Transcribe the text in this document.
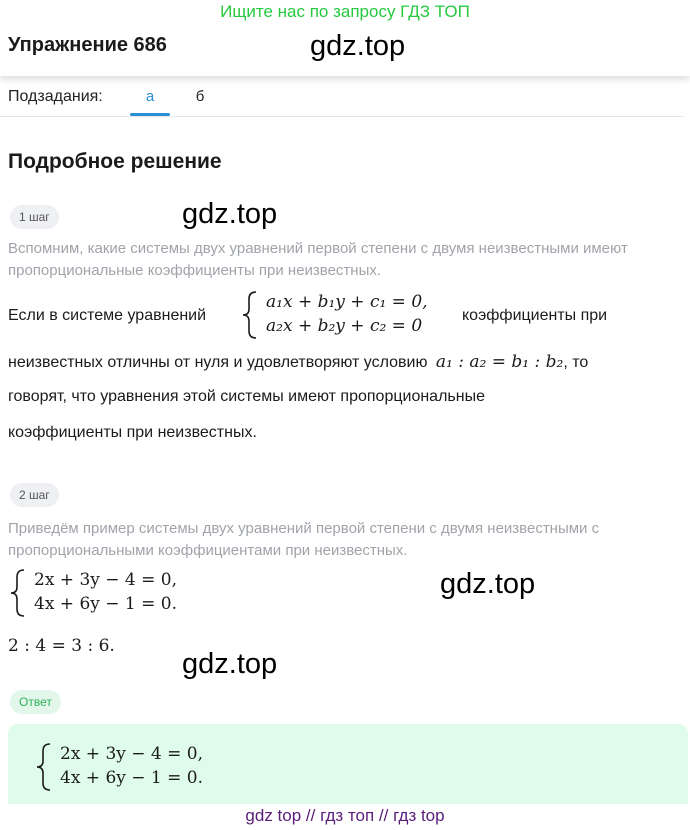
Ищите нас по запросу ГДЗ ТОП
Упражнение 686	gdz.top
Подзадания:	а	б
Подробное решение
1 шаг	gdz.top
Вспомним, какие системы двух уравнений первой степени с двумя неизвестными имеют пропорциональные коэффициенты при неизвестных.
Если в системе уравнений
a₁x + b₁y + c₁ = 0,
a₂x + b₂y + c₂ = 0
коэффициенты при
неизвестных отличны от нуля и удовлетворяют условию a₁ : a₂ = b₁ : b₂, то
говорят, что уравнения этой системы имеют пропорциональные
коэффициенты при неизвестных.
2 шаг
Приведём пример системы двух уравнений первой степени с двумя неизвестными с пропорциональными коэффициентами при неизвестных.
2x + 3y − 4 = 0,
4x + 6y − 1 = 0.
gdz.top
2 : 4 = 3 : 6.
gdz.top
Ответ
2x + 3y − 4 = 0,
4x + 6y − 1 = 0.
gdz top // гдз топ // гдз top
